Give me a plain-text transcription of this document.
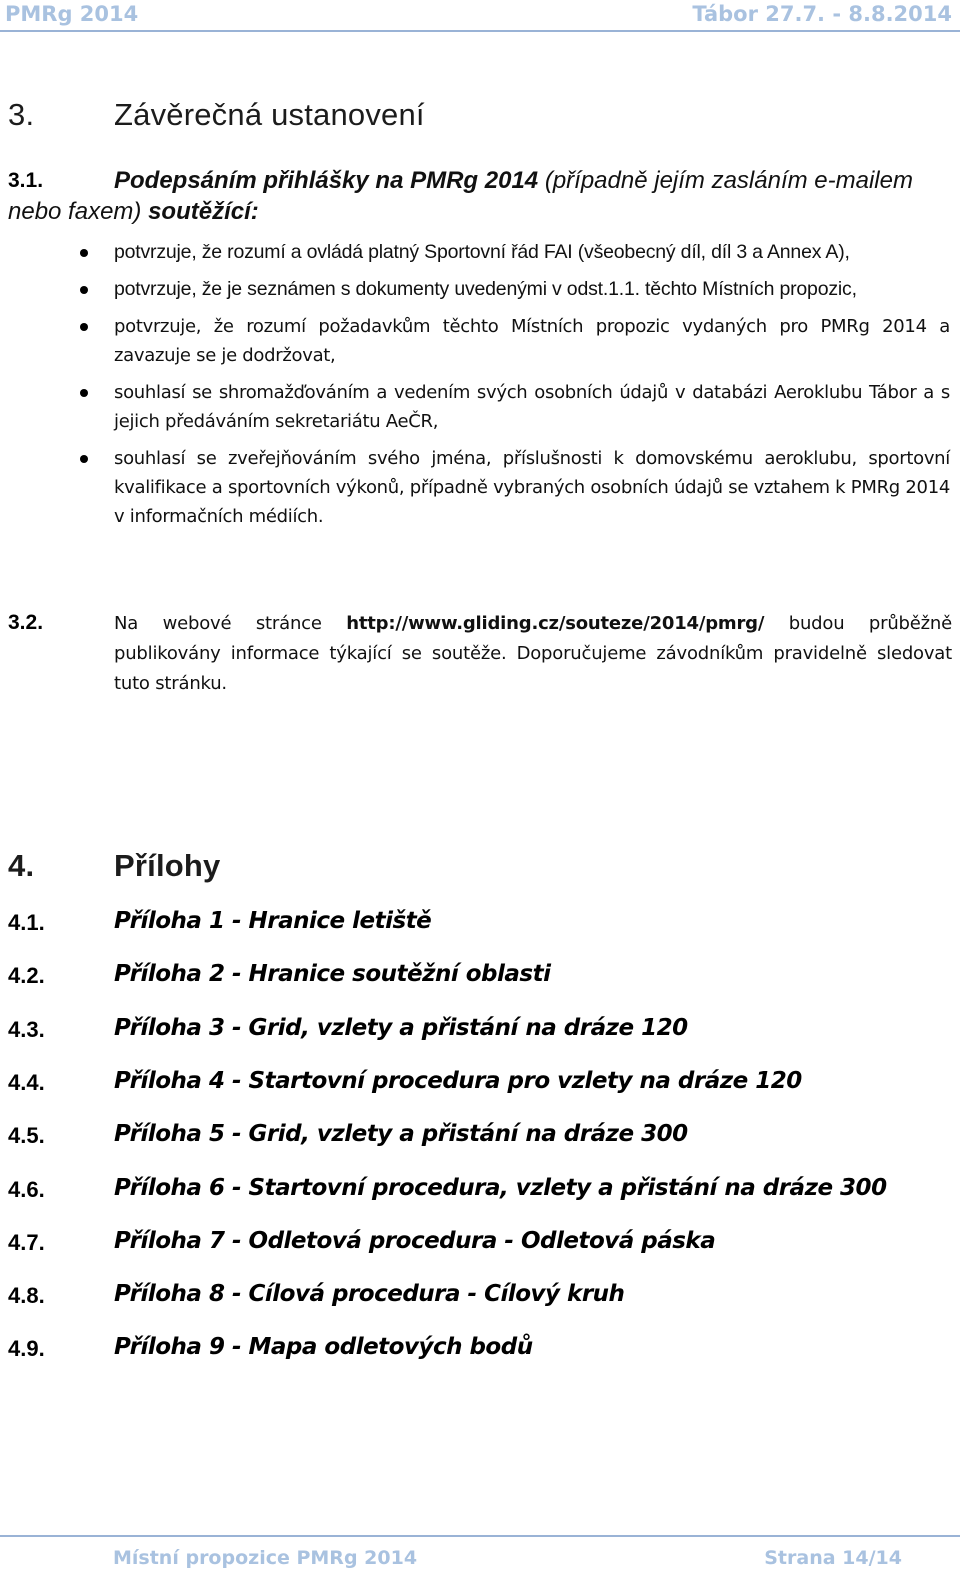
PMRg 2014	Tábor 27.7. - 8.8.2014
3.	Závěrečná ustanovení
3.1.	Podepsáním přihlášky na PMRg 2014 (případně jejím zasláním e-mailem nebo faxem) soutěžící:

potvrzuje, že rozumí a ovládá platný Sportovní řád FAI (všeobecný díl, díl 3 a Annex A),
potvrzuje, že je seznámen s dokumenty uvedenými v odst.1.1. těchto Místních propozic,
potvrzuje, že rozumí požadavkům těchto Místních propozic vydaných pro PMRg 2014 a zavazuje se je dodržovat,
souhlasí se shromažďováním a vedením svých osobních údajů v databázi Aeroklubu Tábor a s jejich předáváním sekretariátu AeČR,
souhlasí se zveřejňováním svého jména, příslušnosti k domovskému aeroklubu, sportovní kvalifikace a sportovních výkonů, případně vybraných osobních údajů se vztahem k PMRg 2014 v informačních médiích.
3.2.	Na webové stránce http://www.gliding.cz/souteze/2014/pmrg/ budou průběžně publikovány informace týkající se soutěže. Doporučujeme závodníkům pravidelně sledovat tuto stránku.

4.	Přílohy
4.1.	Příloha 1 - Hranice letiště
4.2.	Příloha 2 - Hranice soutěžní oblasti
4.3.	Příloha 3 - Grid, vzlety a přistání na dráze 120
4.4.	Příloha 4 - Startovní procedura pro vzlety na dráze 120
4.5.	Příloha 5 - Grid, vzlety a přistání na dráze 300
4.6.	Příloha 6 - Startovní procedura, vzlety a přistání na dráze 300
4.7.	Příloha 7 - Odletová procedura - Odletová páska
4.8.	Příloha 8 - Cílová procedura - Cílový kruh
4.9.	Příloha 9 - Mapa odletových bodů
Místní propozice PMRg 2014	Strana 14/14
